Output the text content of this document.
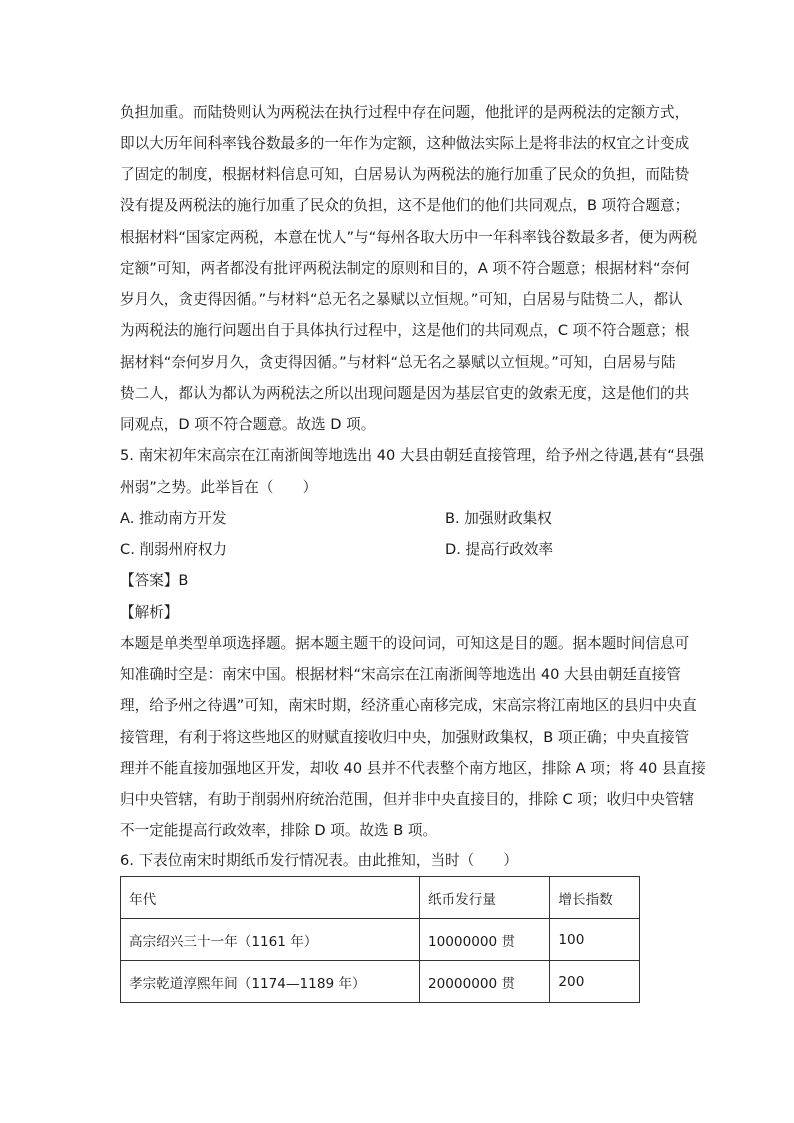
负担加重。而陆贽则认为两税法在执行过程中存在问题，他批评的是两税法的定额方式，
即以大历年间科率钱谷数最多的一年作为定额，这种做法实际上是将非法的权宜之计变成
了固定的制度，根据材料信息可知，白居易认为两税法的施行加重了民众的负担，而陆贽
没有提及两税法的施行加重了民众的负担，这不是他们的他们共同观点，B 项符合题意；
根据材料“国家定两税，本意在忧人”与“每州各取大历中一年科率钱谷数最多者，便为两税
定额”可知，两者都没有批评两税法制定的原则和目的，A 项不符合题意；根据材料“奈何
岁月久，贪吏得因循。”与材料“总无名之暴赋以立恒规。”可知，白居易与陆贽二人，都认
为两税法的施行问题出自于具体执行过程中，这是他们的共同观点，C 项不符合题意；根
据材料“奈何岁月久，贪吏得因循。”与材料“总无名之暴赋以立恒规。”可知，白居易与陆
贽二人，都认为都认为两税法之所以出现问题是因为基层官吏的敛索无度，这是他们的共
同观点，D 项不符合题意。故选 D 项。
5. 南宋初年宋高宗在江南浙闽等地选出 40 大县由朝廷直接管理，给予州之待遇,甚有“县强
州弱”之势。此举旨在（　　）
A. 推动南方开发	B. 加强财政集权
C. 削弱州府权力	D. 提高行政效率
【答案】B
【解析】
本题是单类型单项选择题。据本题主题干的设问词，可知这是目的题。据本题时间信息可
知准确时空是：南宋中国。根据材料“宋高宗在江南浙闽等地选出 40 大县由朝廷直接管
理，给予州之待遇”可知，南宋时期，经济重心南移完成，宋高宗将江南地区的县归中央直
接管理，有利于将这些地区的财赋直接收归中央，加强财政集权，B 项正确；中央直接管
理并不能直接加强地区开发，却收 40 县并不代表整个南方地区，排除 A 项；将 40 县直接
归中央管辖，有助于削弱州府统治范围，但并非中央直接目的，排除 C 项；收归中央管辖
不一定能提高行政效率，排除 D 项。故选 B 项。
6. 下表位南宋时期纸币发行情况表。由此推知，当时（　　）
年代	纸币发行量	增长指数
高宗绍兴三十一年（1161 年）	10000000 贯	100
孝宗乾道淳熙年间（1174—1189 年）	20000000 贯	200
